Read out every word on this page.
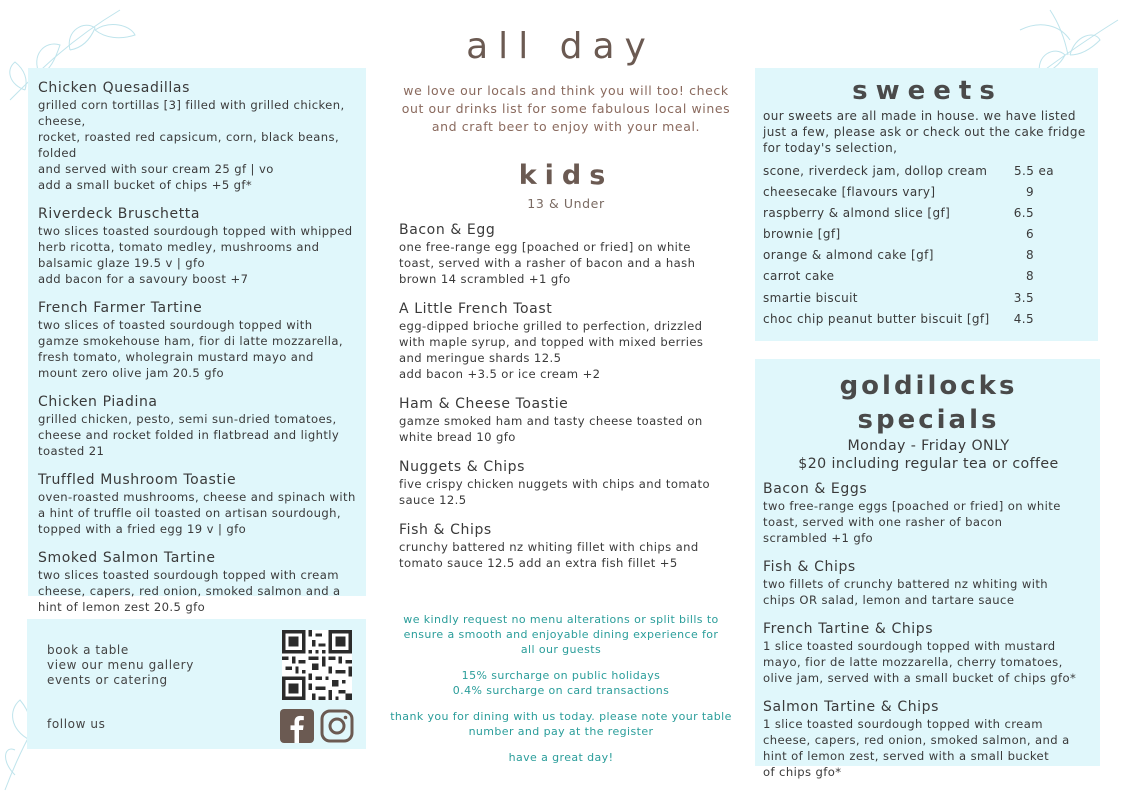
all day
Chicken Quesadillas
grilled corn tortillas [3] filled with grilled chicken, cheese,
rocket, roasted red capsicum, corn, black beans, folded
and served with sour cream 25 gf | vo
add a small bucket of chips +5 gf*
Riverdeck Bruschetta
two slices toasted sourdough topped with whipped
herb ricotta, tomato medley, mushrooms and
balsamic glaze 19.5 v | gfo
add bacon for a savoury boost +7
French Farmer Tartine
two slices of toasted sourdough topped with
gamze smokehouse ham, fior di latte mozzarella,
fresh tomato, wholegrain mustard mayo and
mount zero olive jam 20.5 gfo
Chicken Piadina
grilled chicken, pesto, semi sun-dried tomatoes,
cheese and rocket folded in flatbread and lightly
toasted 21
Truffled Mushroom Toastie
oven-roasted mushrooms, cheese and spinach with
a hint of truffle oil toasted on artisan sourdough,
topped with a fried egg 19 v | gfo
Smoked Salmon Tartine
two slices toasted sourdough topped with cream
cheese, capers, red onion, smoked salmon and a
hint of lemon zest 20.5 gfo
book a table
view our menu gallery
events or catering
follow us
we love our locals and think you will too! check
out our drinks list for some fabulous local wines
and craft beer to enjoy with your meal.
kids
13 & Under
Bacon & Egg
one free-range egg [poached or fried] on white
toast, served with a rasher of bacon and a hash
brown 14 scrambled +1 gfo
A Little French Toast
egg-dipped brioche grilled to perfection, drizzled
with maple syrup, and topped with mixed berries
and meringue shards 12.5
add bacon +3.5 or ice cream +2
Ham & Cheese Toastie
gamze smoked ham and tasty cheese toasted on
white bread 10 gfo
Nuggets & Chips
five crispy chicken nuggets with chips and tomato
sauce 12.5
Fish & Chips
crunchy battered nz whiting fillet with chips and
tomato sauce 12.5 add an extra fish fillet +5

we kindly request no menu alterations or split bills to
ensure a smooth and enjoyable dining experience for
all our guests

15% surcharge on public holidays
0.4% surcharge on card transactions

thank you for dining with us today. please note your table
number and pay at the register

have a great day!

sweets
our sweets are all made in house. we have listed
just a few, please ask or check out the cake fridge
for today's selection,
scone, riverdeck jam, dollop cream 5.5 ea
cheesecake [flavours vary]	9
raspberry & almond slice [gf]	6.5
brownie [gf]	6
orange & almond cake [gf]	8
carrot cake	8
smartie biscuit	3.5
choc chip peanut butter biscuit [gf] 4.5
goldilocks specials
Monday - Friday ONLY
$20 including regular tea or coffee
Bacon & Eggs
two free-range eggs [poached or fried] on white
toast, served with one rasher of bacon
scrambled +1 gfo
Fish & Chips
two fillets of crunchy battered nz whiting with
chips OR salad, lemon and tartare sauce
French Tartine & Chips
1 slice toasted sourdough topped with mustard
mayo, fior de latte mozzarella, cherry tomatoes,
olive jam, served with a small bucket of chips gfo*
Salmon Tartine & Chips
1 slice toasted sourdough topped with cream
cheese, capers, red onion, smoked salmon, and a
hint of lemon zest, served with a small bucket
of chips gfo*
